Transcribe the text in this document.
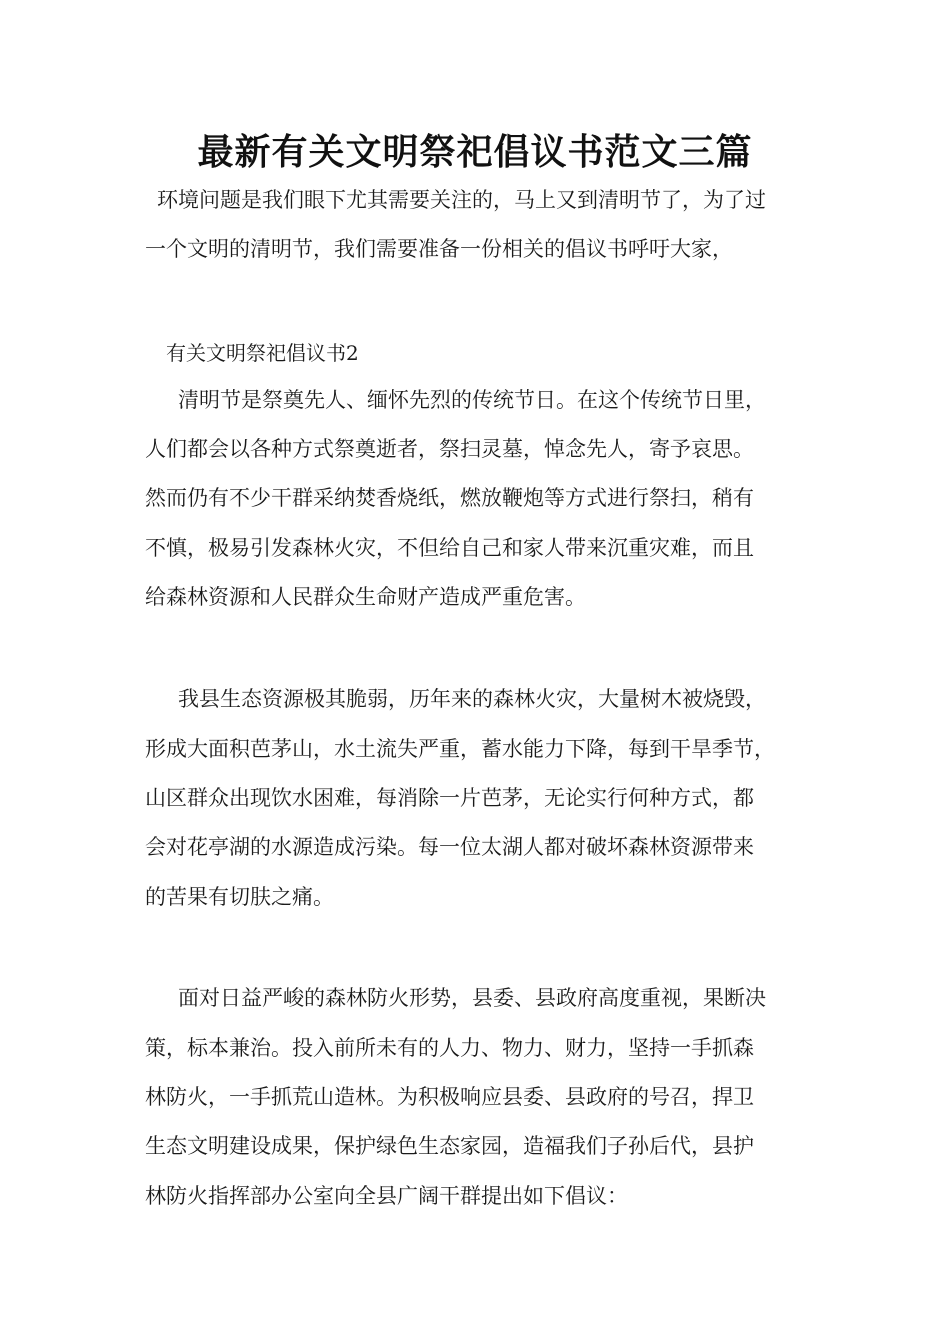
最新有关文明祭祀倡议书范文三篇
环境问题是我们眼下尤其需要关注的，马上又到清明节了，为了过
一个文明的清明节，我们需要准备一份相关的倡议书呼吁大家，
有关文明祭祀倡议书2
清明节是祭奠先人、缅怀先烈的传统节日。在这个传统节日里，
人们都会以各种方式祭奠逝者，祭扫灵墓，悼念先人，寄予哀思。
然而仍有不少干群采纳焚香烧纸，燃放鞭炮等方式进行祭扫，稍有
不慎，极易引发森林火灾，不但给自己和家人带来沉重灾难，而且
给森林资源和人民群众生命财产造成严重危害。
我县生态资源极其脆弱，历年来的森林火灾，大量树木被烧毁，
形成大面积芭茅山，水土流失严重，蓄水能力下降，每到干旱季节，
山区群众出现饮水困难，每消除一片芭茅，无论实行何种方式，都
会对花亭湖的水源造成污染。每一位太湖人都对破坏森林资源带来
的苦果有切肤之痛。
面对日益严峻的森林防火形势，县委、县政府高度重视，果断决
策，标本兼治。投入前所未有的人力、物力、财力，坚持一手抓森
林防火，一手抓荒山造林。为积极响应县委、县政府的号召，捍卫
生态文明建设成果，保护绿色生态家园，造福我们子孙后代，县护
林防火指挥部办公室向全县广阔干群提出如下倡议：
